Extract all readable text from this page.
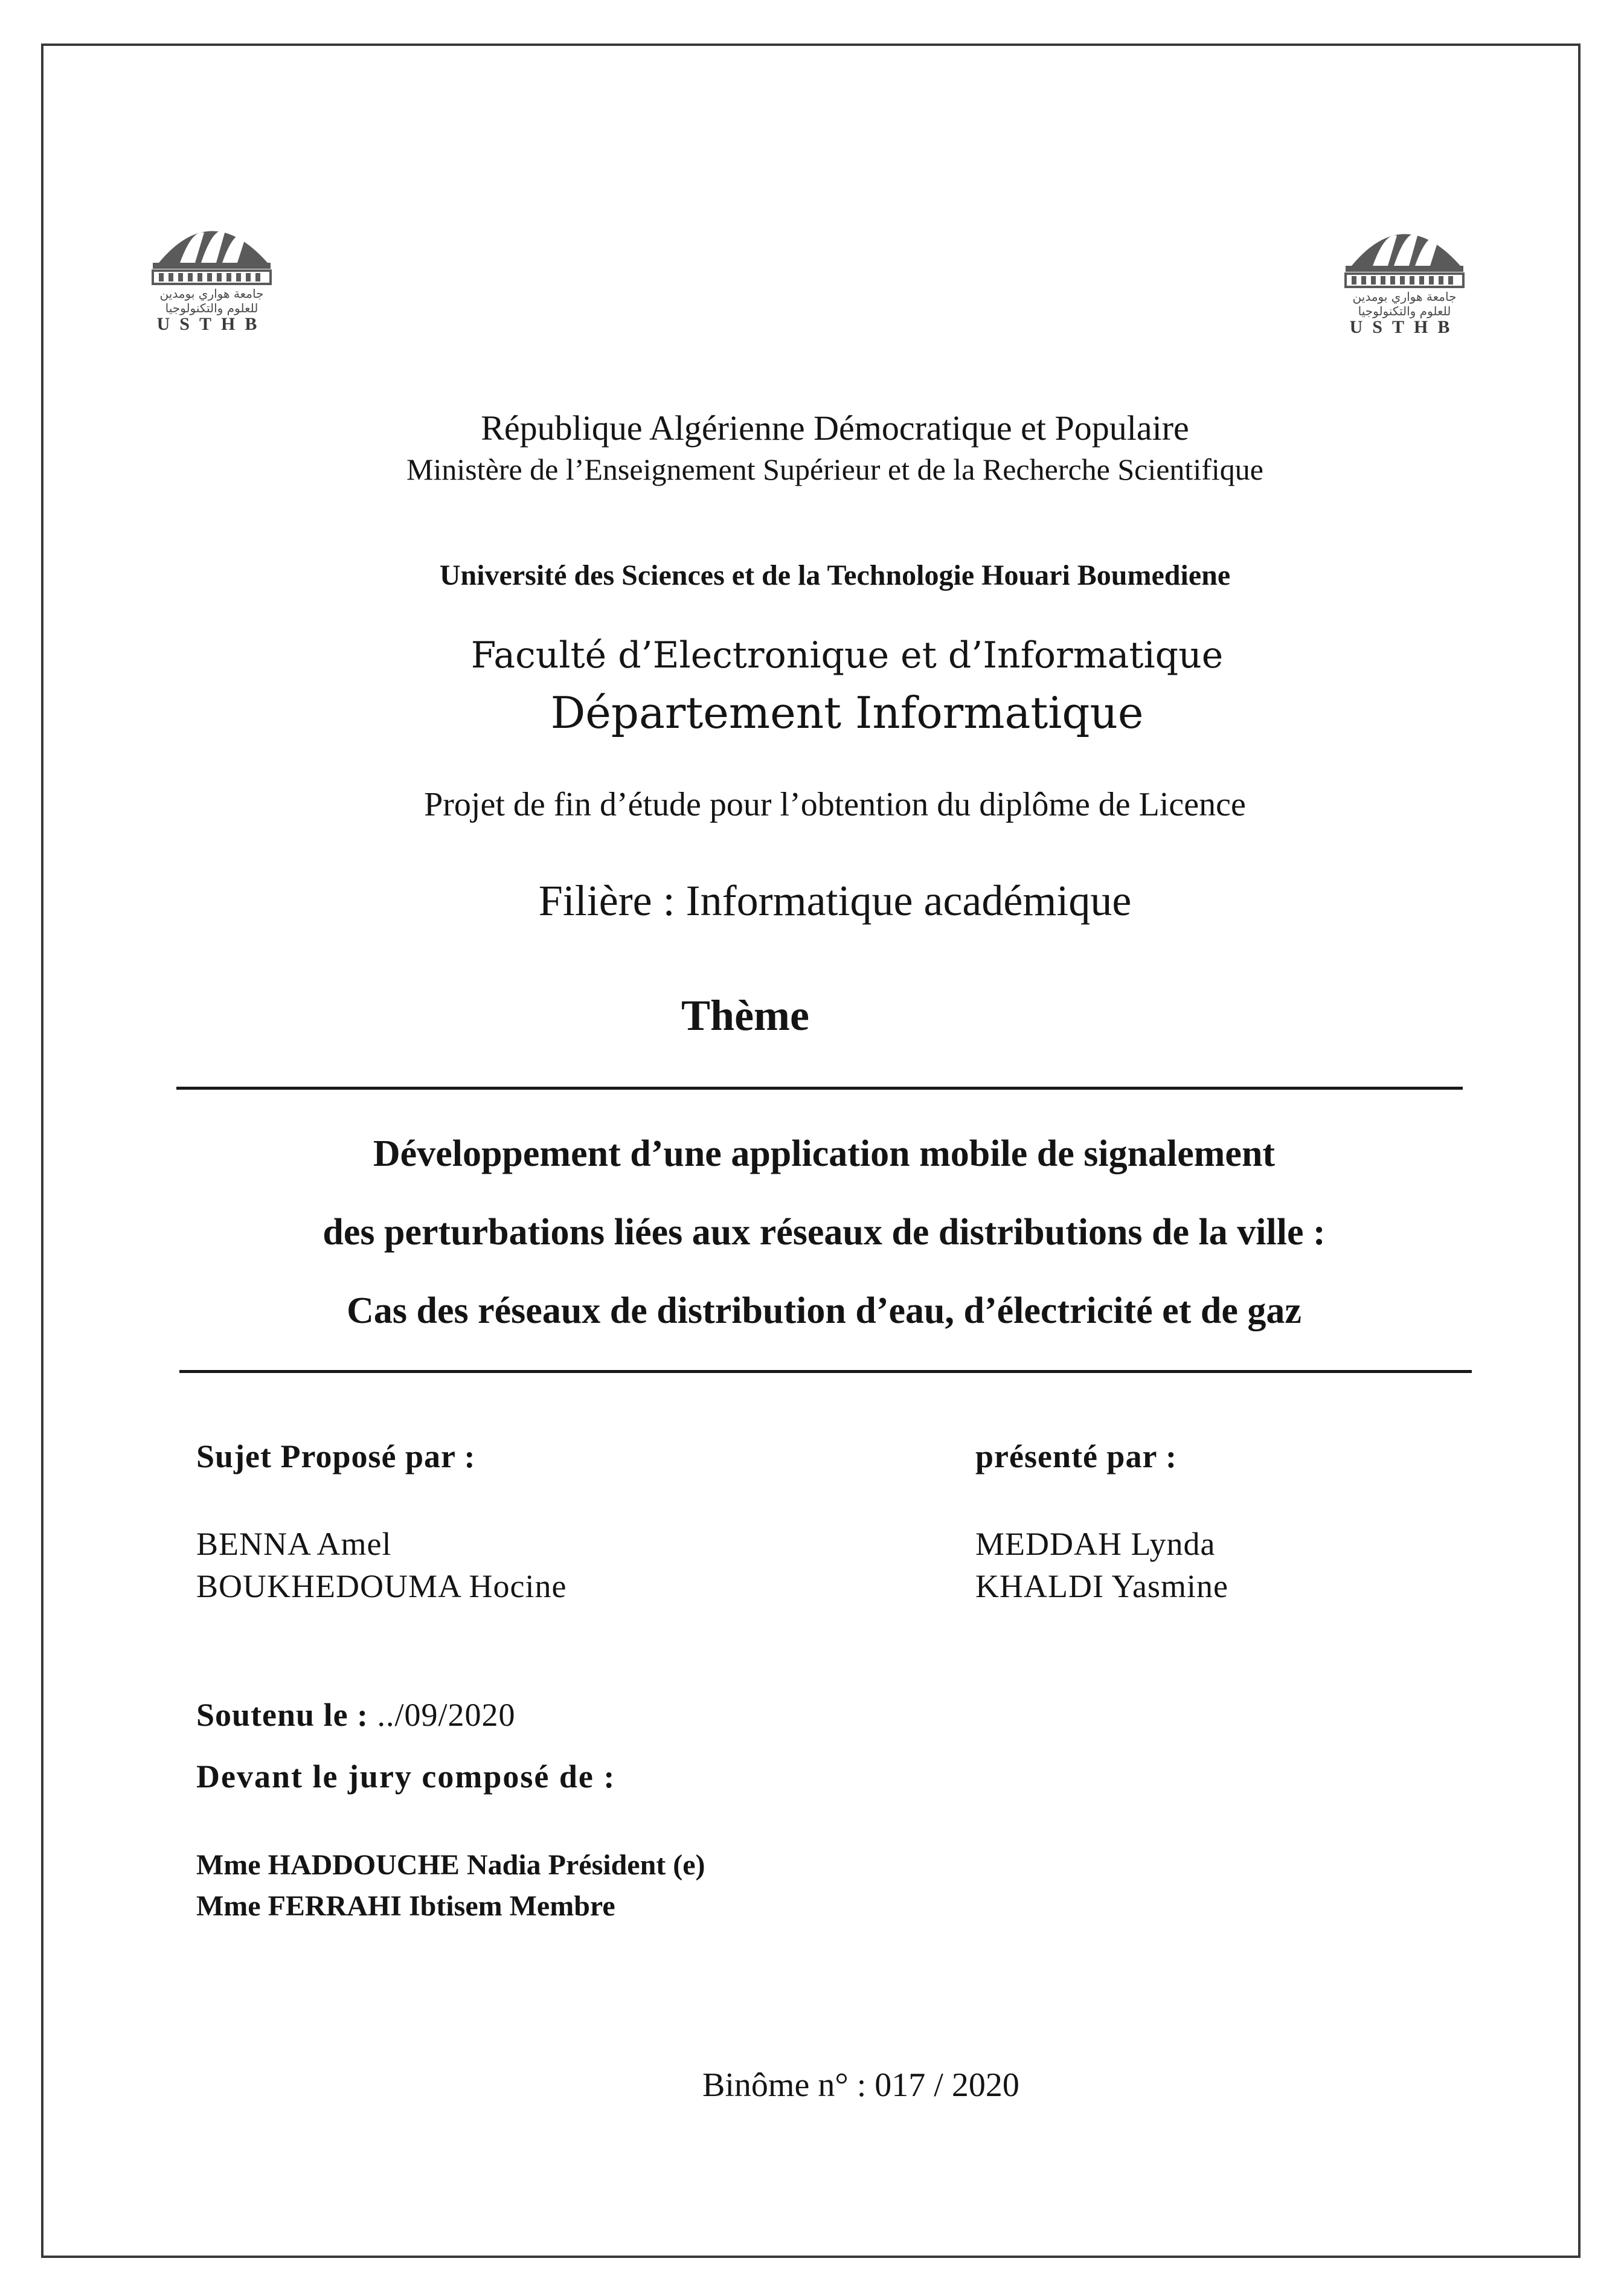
جامعة هواري بومدين
للعلوم والتكنولوجيا
USTHB
جامعة هواري بومدين
للعلوم والتكنولوجيا
USTHB
République Algérienne Démocratique et Populaire
Ministère de l’Enseignement Supérieur et de la Recherche Scientifique
Université des Sciences et de la Technologie Houari Boumediene
Faculté d’Electronique et d’Informatique
Département Informatique
Projet de fin d’étude pour l’obtention du diplôme de Licence
Filière : Informatique académique
Thème
Développement d’une application mobile de signalement
des perturbations liées aux réseaux de distributions de la ville :
Cas des réseaux de distribution d’eau, d’électricité et de gaz
Sujet Proposé par :
BENNA Amel
BOUKHEDOUMA Hocine
présenté par :
MEDDAH Lynda
KHALDI Yasmine
Soutenu le : ../09/2020
Devant le jury composé de :
Mme HADDOUCHE Nadia Président (e)
Mme FERRAHI Ibtisem Membre
Binôme n° : 017 / 2020
